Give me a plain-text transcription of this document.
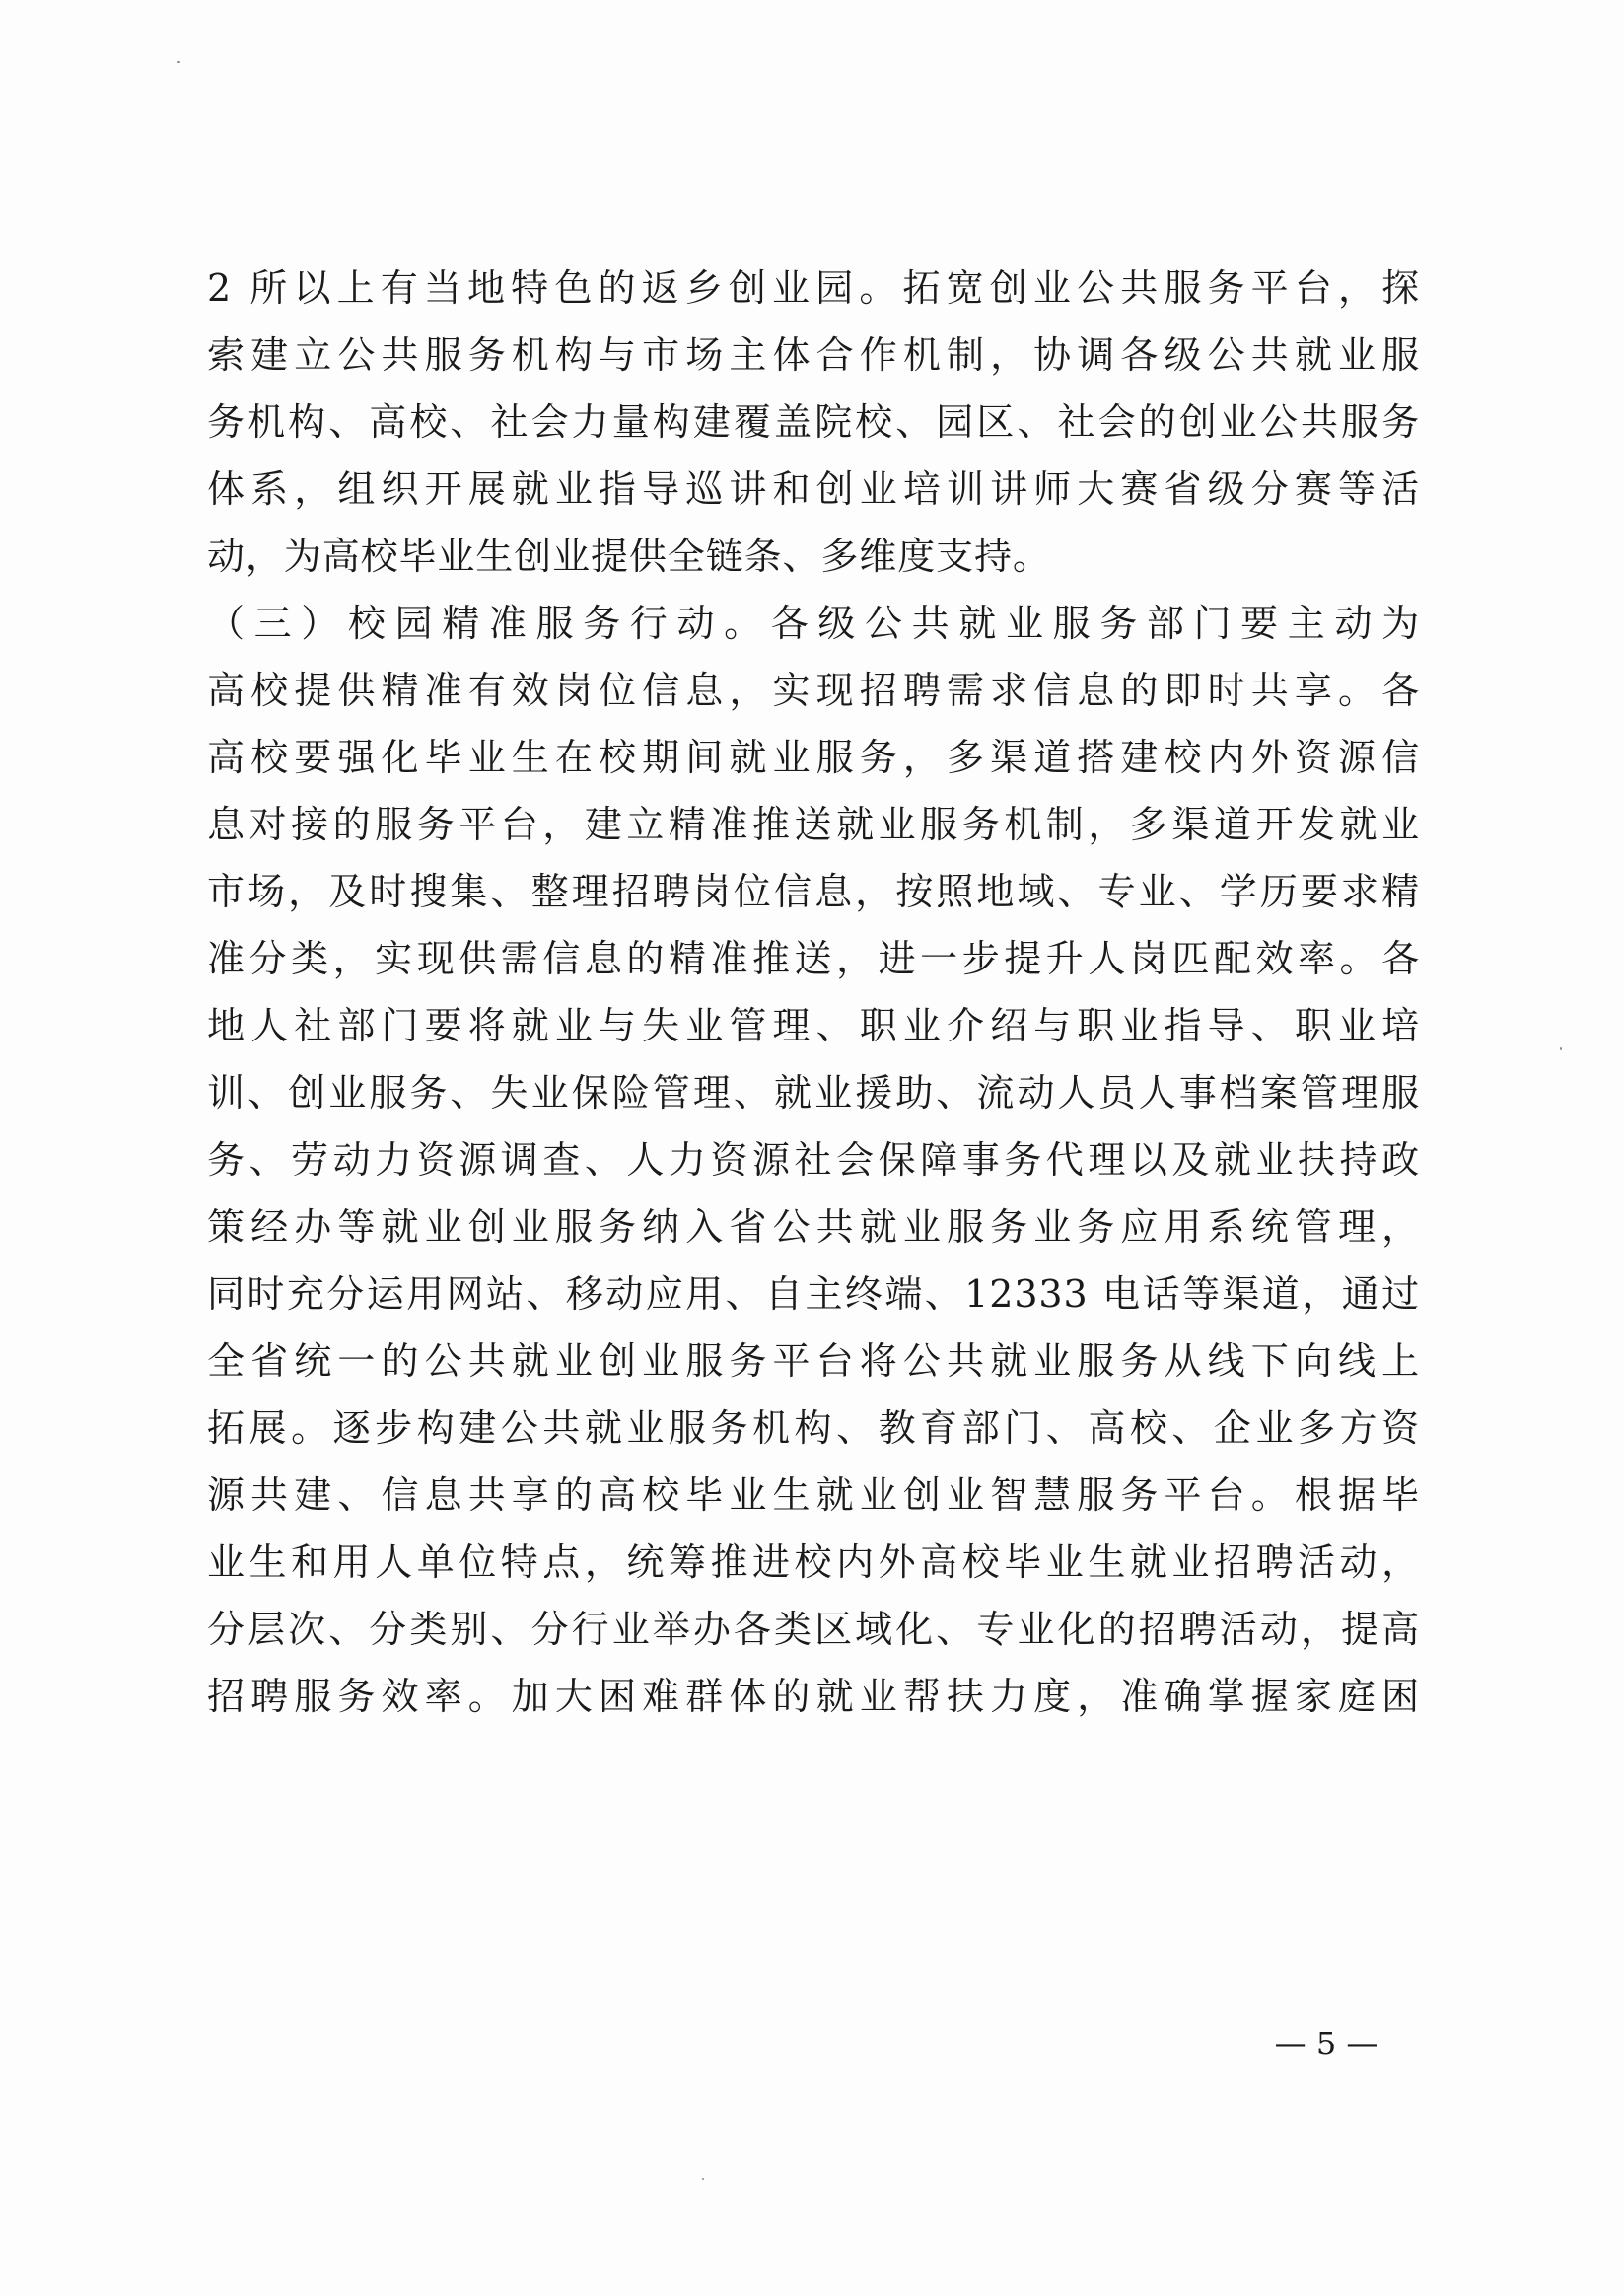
2 所以上有当地特色的返乡创业园。拓宽创业公共服务平台，探

索建立公共服务机构与市场主体合作机制，协调各级公共就业服

务机构、高校、社会力量构建覆盖院校、园区、社会的创业公共服务

体系，组织开展就业指导巡讲和创业培训讲师大赛省级分赛等活

动，为高校毕业生创业提供全链条、多维度支持。

（三）校园精准服务行动。各级公共就业服务部门要主动为

高校提供精准有效岗位信息，实现招聘需求信息的即时共享。各

高校要强化毕业生在校期间就业服务，多渠道搭建校内外资源信

息对接的服务平台，建立精准推送就业服务机制，多渠道开发就业

市场，及时搜集、整理招聘岗位信息，按照地域、专业、学历要求精

准分类，实现供需信息的精准推送，进一步提升人岗匹配效率。各

地人社部门要将就业与失业管理、职业介绍与职业指导、职业培

训、创业服务、失业保险管理、就业援助、流动人员人事档案管理服

务、劳动力资源调查、人力资源社会保障事务代理以及就业扶持政

策经办等就业创业服务纳入省公共就业服务业务应用系统管理，

同时充分运用网站、移动应用、自主终端、12333 电话等渠道，通过

全省统一的公共就业创业服务平台将公共就业服务从线下向线上

拓展。逐步构建公共就业服务机构、教育部门、高校、企业多方资

源共建、信息共享的高校毕业生就业创业智慧服务平台。根据毕

业生和用人单位特点，统筹推进校内外高校毕业生就业招聘活动，

分层次、分类别、分行业举办各类区域化、专业化的招聘活动，提高

招聘服务效率。加大困难群体的就业帮扶力度，准确掌握家庭困

— 5 —
